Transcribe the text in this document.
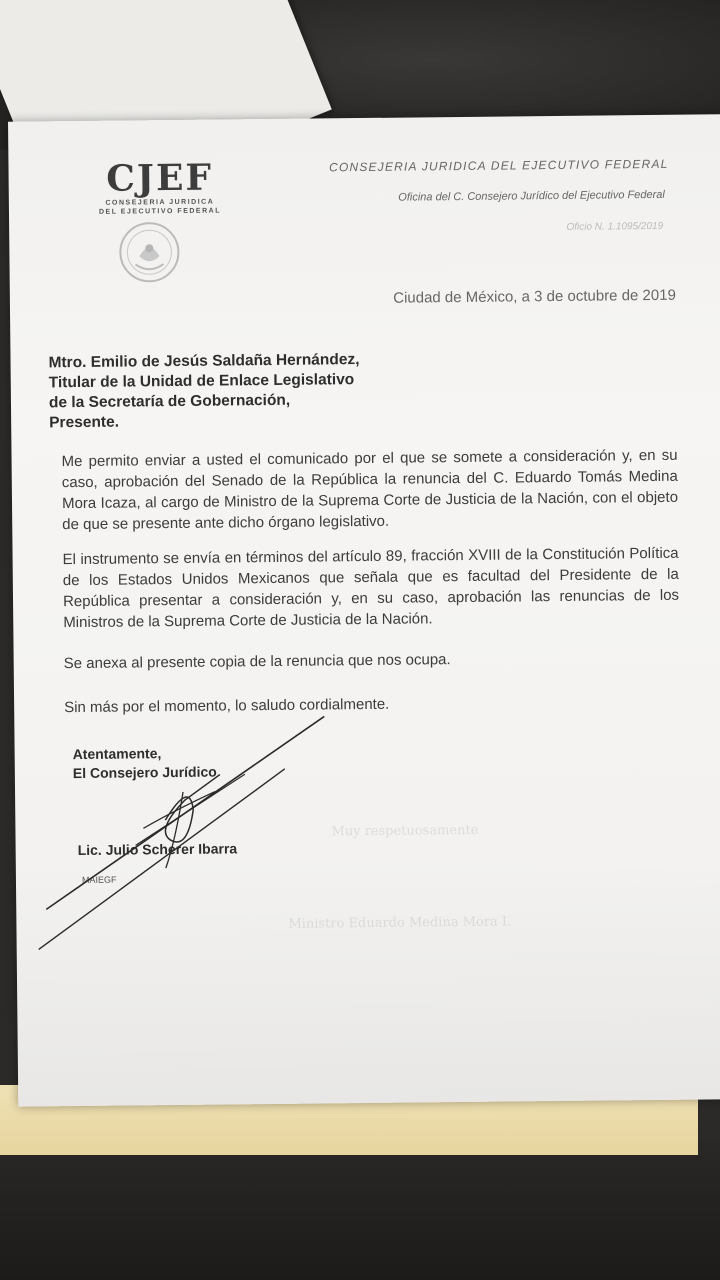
CJEF
CONSEJERIA JURIDICA
DEL EJECUTIVO FEDERAL
CONSEJERIA JURIDICA DEL EJECUTIVO FEDERAL
Oficina del C. Consejero Jurídico del Ejecutivo Federal
Oficio N. 1.1095/2019
Ciudad de México, a 3 de octubre de 2019
Mtro. Emilio de Jesús Saldaña Hernández,
Titular de la Unidad de Enlace Legislativo
de la Secretaría de Gobernación,
Presente.
Me permito enviar a usted el comunicado por el que se somete a consideración y, en su caso, aprobación del Senado de la República la renuncia del C. Eduardo Tomás Medina Mora Icaza, al cargo de Ministro de la Suprema Corte de Justicia de la Nación, con el objeto de que se presente ante dicho órgano legislativo.
El instrumento se envía en términos del artículo 89, fracción XVIII de la Constitución Política de los Estados Unidos Mexicanos que señala que es facultad del Presidente de la República presentar a consideración y, en su caso, aprobación las renuncias de los Ministros de la Suprema Corte de Justicia de la Nación.
Se anexa al presente copia de la renuncia que nos ocupa.
Sin más por el momento, lo saludo cordialmente.
Muy respetuosamente
Ministro Eduardo Medina Mora I.
Atentamente,
El Consejero Jurídico
Lic. Julio Scherer Ibarra
MAIEGF
